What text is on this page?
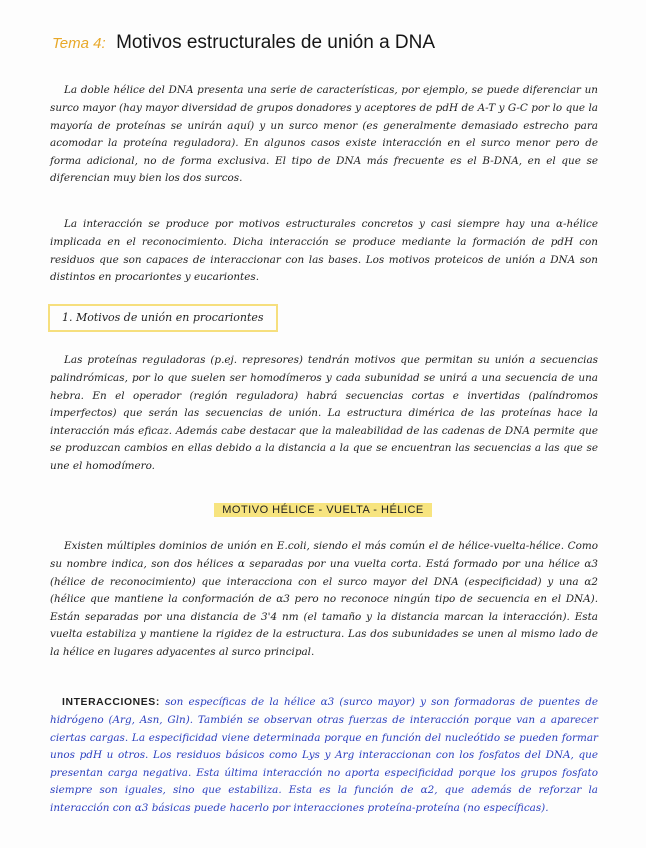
Tema 4: Motivos estructurales de unión a DNA

La doble hélice del DNA presenta una serie de características, por ejemplo, se puede diferenciar un surco mayor (hay mayor diversidad de grupos donadores y aceptores de pdH de A-T y G-C por lo que la mayoría de proteínas se unirán aquí) y un surco menor (es generalmente demasiado estrecho para acomodar la proteína reguladora). En algunos casos existe interacción en el surco menor pero de forma adicional, no de forma exclusiva. El tipo de DNA más frecuente es el B-DNA, en el que se diferencian muy bien los dos surcos.

La interacción se produce por motivos estructurales concretos y casi siempre hay una α-hélice implicada en el reconocimiento. Dicha interacción se produce mediante la formación de pdH con residuos que son capaces de interaccionar con las bases. Los motivos proteicos de unión a DNA son distintos en procariontes y eucariontes.

1. Motivos de unión en procariontes

Las proteínas reguladoras (p.ej. represores) tendrán motivos que permitan su unión a secuencias palindrómicas, por lo que suelen ser homodímeros y cada subunidad se unirá a una secuencia de una hebra. En el operador (región reguladora) habrá secuencias cortas e invertidas (palíndromos imperfectos) que serán las secuencias de unión. La estructura dimérica de las proteínas hace la interacción más eficaz. Además cabe destacar que la maleabilidad de las cadenas de DNA permite que se produzcan cambios en ellas debido a la distancia a la que se encuentran las secuencias a las que se une el homodímero.

MOTIVO HÉLICE - VUELTA - HÉLICE

Existen múltiples dominios de unión en E.coli, siendo el más común el de hélice-vuelta-hélice. Como su nombre indica, son dos hélices α separadas por una vuelta corta. Está formado por una hélice α3 (hélice de reconocimiento) que interacciona con el surco mayor del DNA (especificidad) y una α2 (hélice que mantiene la conformación de α3 pero no reconoce ningún tipo de secuencia en el DNA). Están separadas por una distancia de 3'4 nm (el tamaño y la distancia marcan la interacción). Esta vuelta estabiliza y mantiene la rigidez de la estructura. Las dos subunidades se unen al mismo lado de la hélice en lugares adyacentes al surco principal.

INTERACCIONES: son específicas de la hélice α3 (surco mayor) y son formadoras de puentes de hidrógeno (Arg, Asn, Gln). También se observan otras fuerzas de interacción porque van a aparecer ciertas cargas. La especificidad viene determinada porque en función del nucleótido se pueden formar unos pdH u otros. Los residuos básicos como Lys y Arg interaccionan con los fosfatos del DNA, que presentan carga negativa. Esta última interacción no aporta especificidad porque los grupos fosfato siempre son iguales, sino que estabiliza. Esta es la función de α2, que además de reforzar la interacción con α3 básicas puede hacerlo por interacciones proteína-proteína (no específicas).
